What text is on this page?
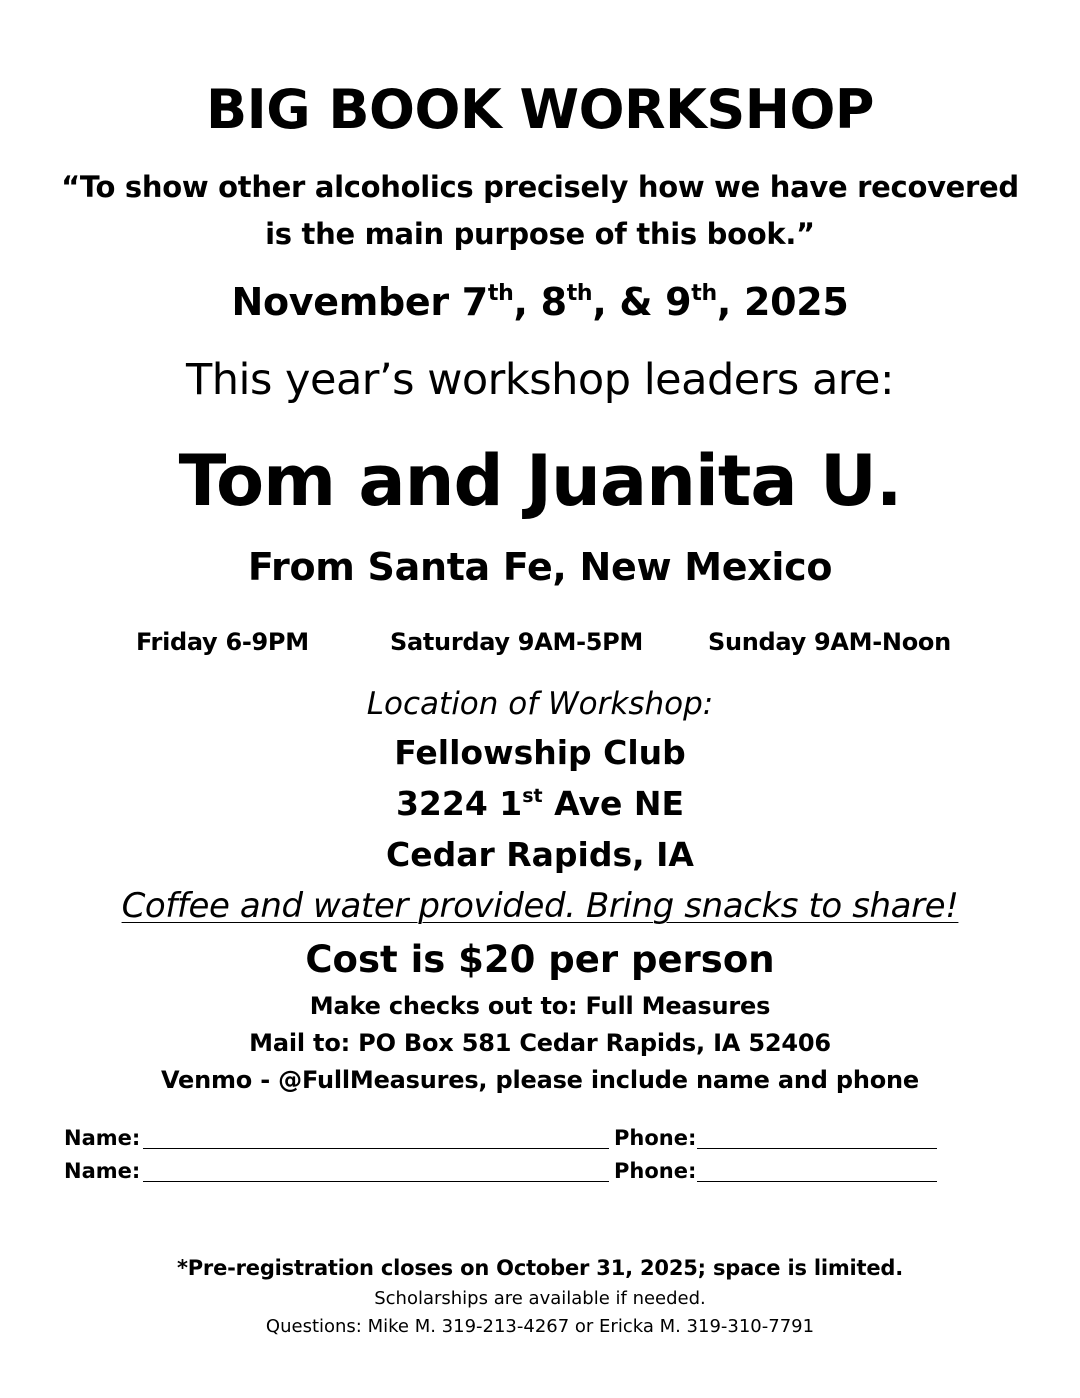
BIG BOOK WORKSHOP
“To show other alcoholics precisely how we have recovered
is the main purpose of this book.”
November 7th, 8th, & 9th, 2025
This year’s workshop leaders are:
Tom and Juanita U.
From Santa Fe, New Mexico
Friday 6-9PM	Saturday 9AM-5PM	Sunday 9AM-Noon
Location of Workshop:
Fellowship Club
3224 1st Ave NE
Cedar Rapids, IA
Coffee and water provided. Bring snacks to share!
Cost is $20 per person
Make checks out to: Full Measures
Mail to: PO Box 581 Cedar Rapids, IA 52406
Venmo - @FullMeasures, please include name and phone
Name:	Phone:
Name:	Phone:
*Pre-registration closes on October 31, 2025; space is limited.
Scholarships are available if needed.
Questions: Mike M. 319-213-4267 or Ericka M. 319-310-7791
